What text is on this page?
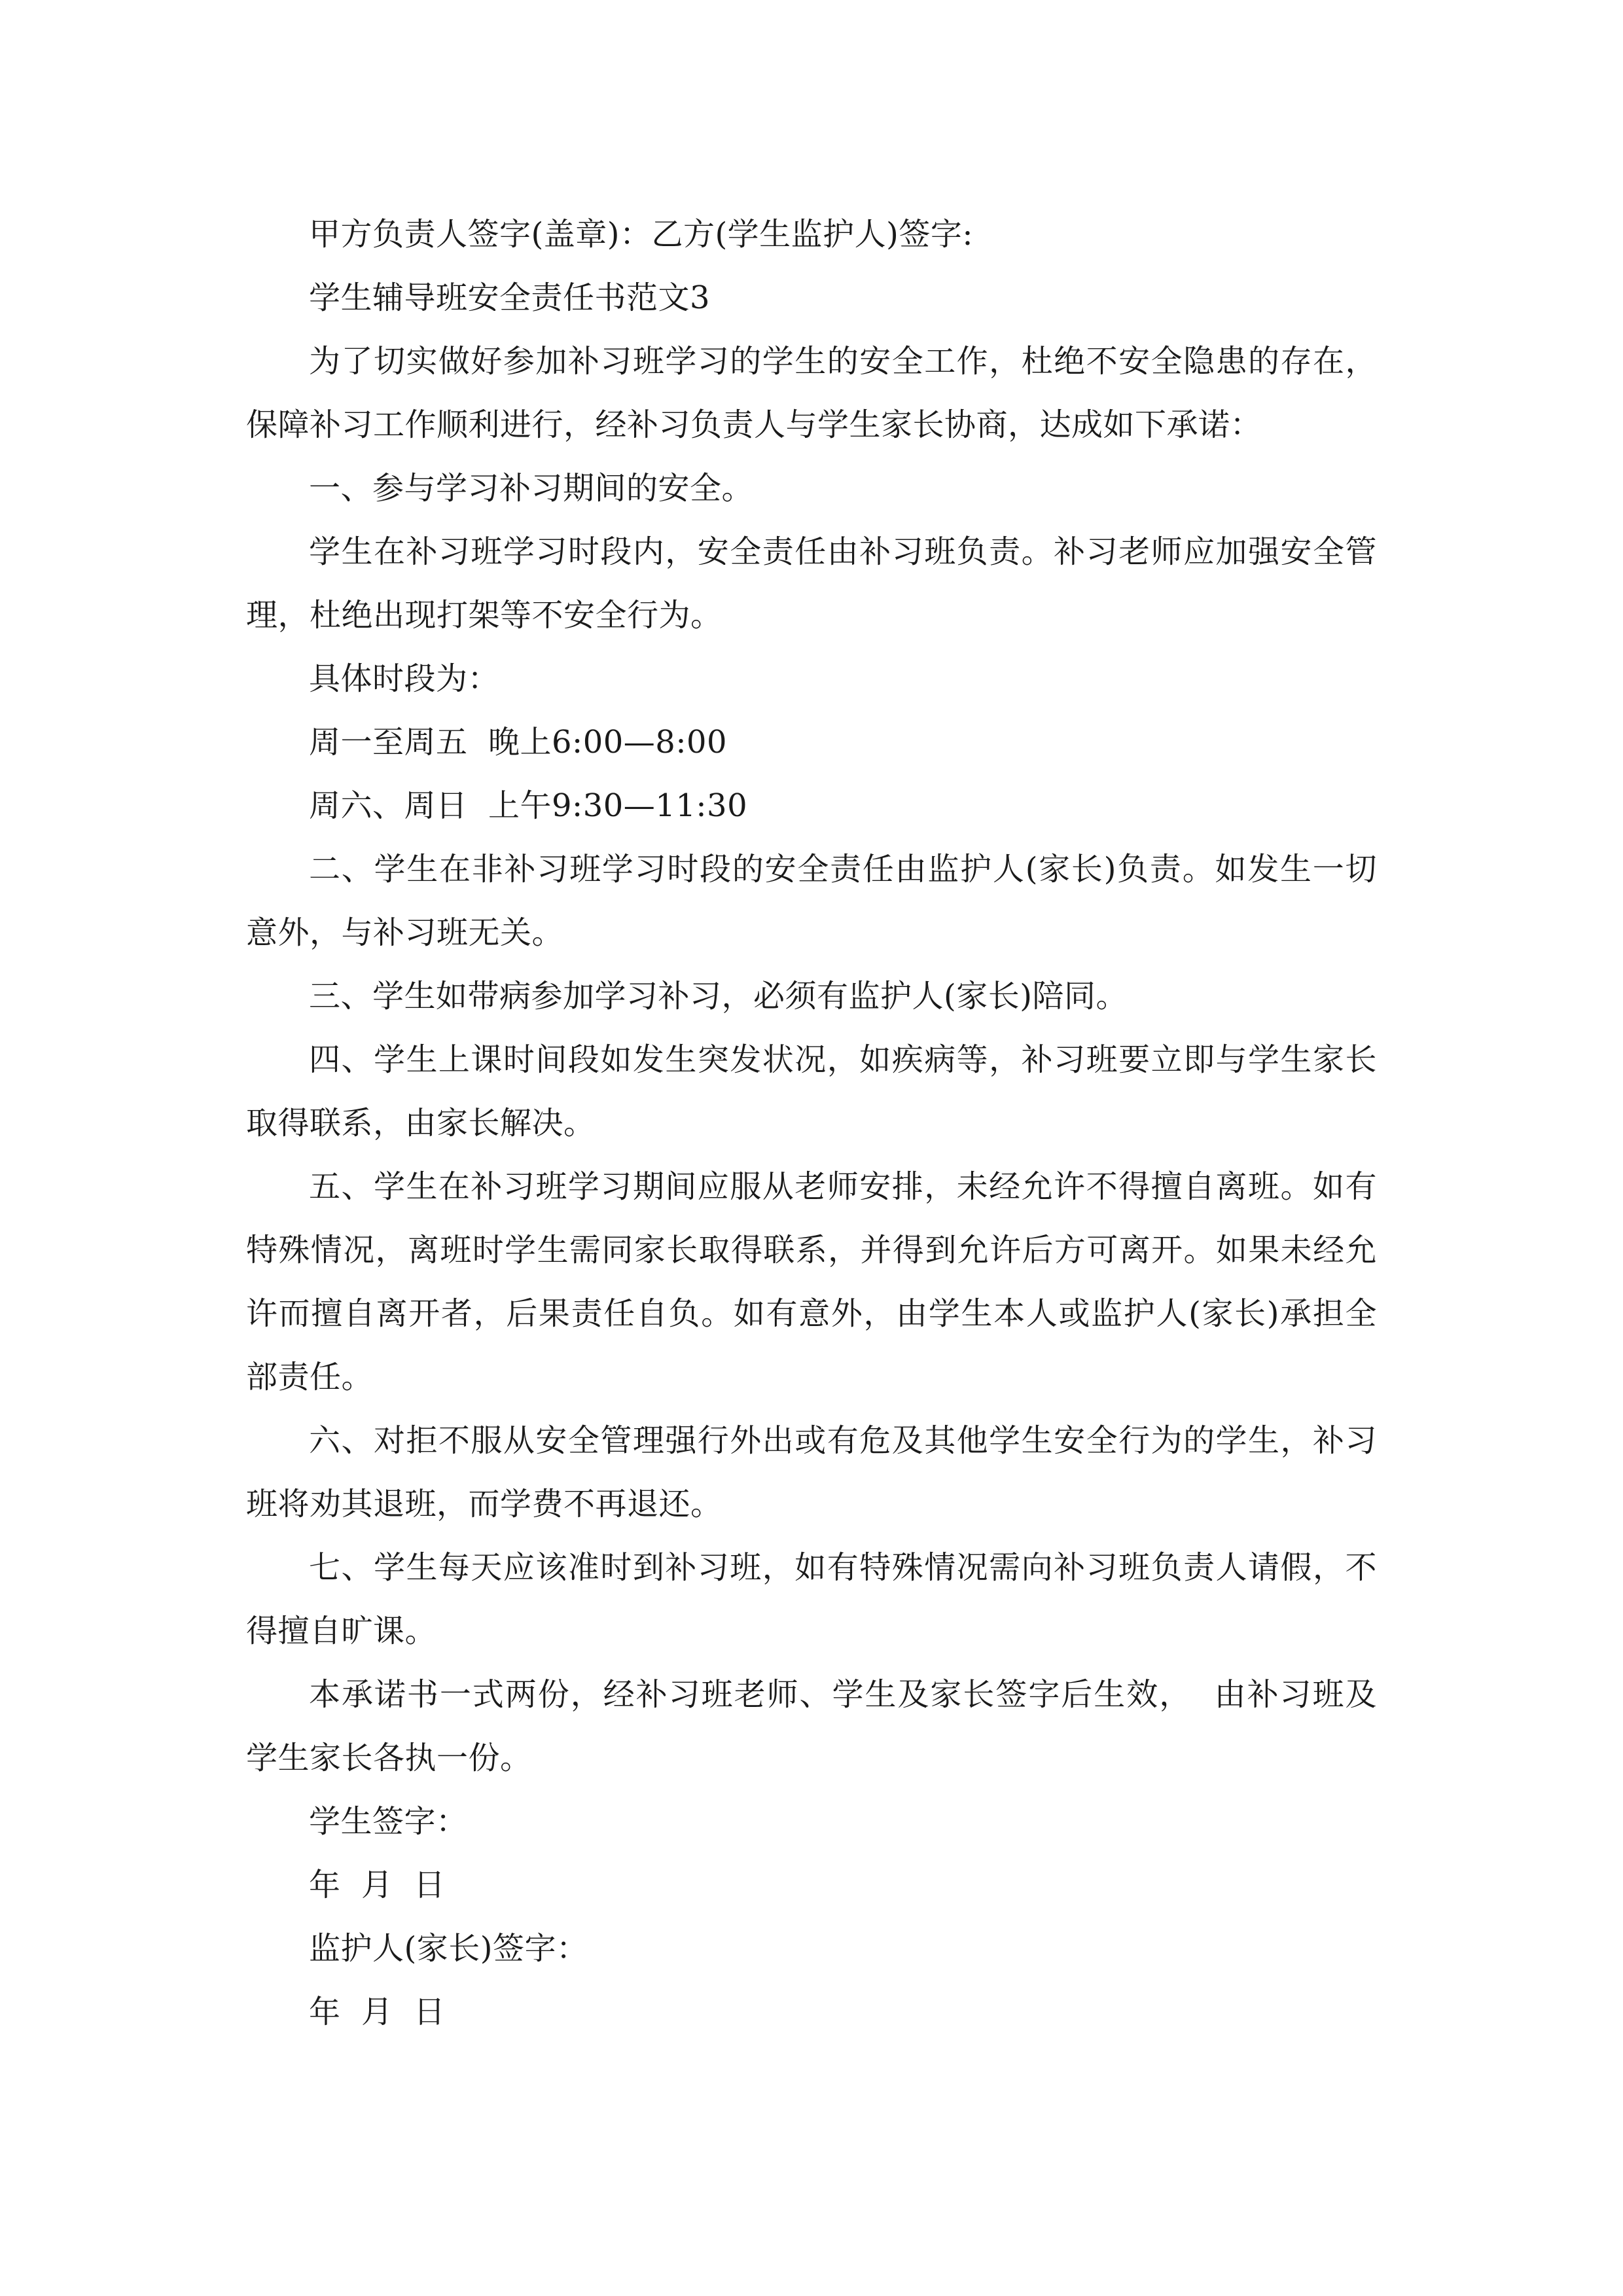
甲方负责人签字(盖章)：乙方(学生监护人)签字:

学生辅导班安全责任书范文3

为了切实做好参加补习班学习的学生的安全工作，杜绝不安全隐患的存在，保障补习工作顺利进行，经补习负责人与学生家长协商，达成如下承诺：

一、参与学习补习期间的安全。

学生在补习班学习时段内，安全责任由补习班负责。补习老师应加强安全管理，杜绝出现打架等不安全行为。

具体时段为：

周一至周五  晚上6:00—8:00

周六、周日  上午9:30—11:30

二、学生在非补习班学习时段的安全责任由监护人(家长)负责。如发生一切意外，与补习班无关。

三、学生如带病参加学习补习，必须有监护人(家长)陪同。

四、学生上课时间段如发生突发状况，如疾病等，补习班要立即与学生家长取得联系，由家长解决。

五、学生在补习班学习期间应服从老师安排，未经允许不得擅自离班。如有特殊情况，离班时学生需同家长取得联系，并得到允许后方可离开。如果未经允许而擅自离开者，后果责任自负。如有意外，由学生本人或监护人(家长)承担全部责任。

六、对拒不服从安全管理强行外出或有危及其他学生安全行为的学生，补习班将劝其退班，而学费不再退还。

七、学生每天应该准时到补习班，如有特殊情况需向补习班负责人请假，不得擅自旷课。

本承诺书一式两份，经补习班老师、学生及家长签字后生效，  由补习班及学生家长各执一份。

学生签字：

年  月  日

监护人(家长)签字：

年  月  日
